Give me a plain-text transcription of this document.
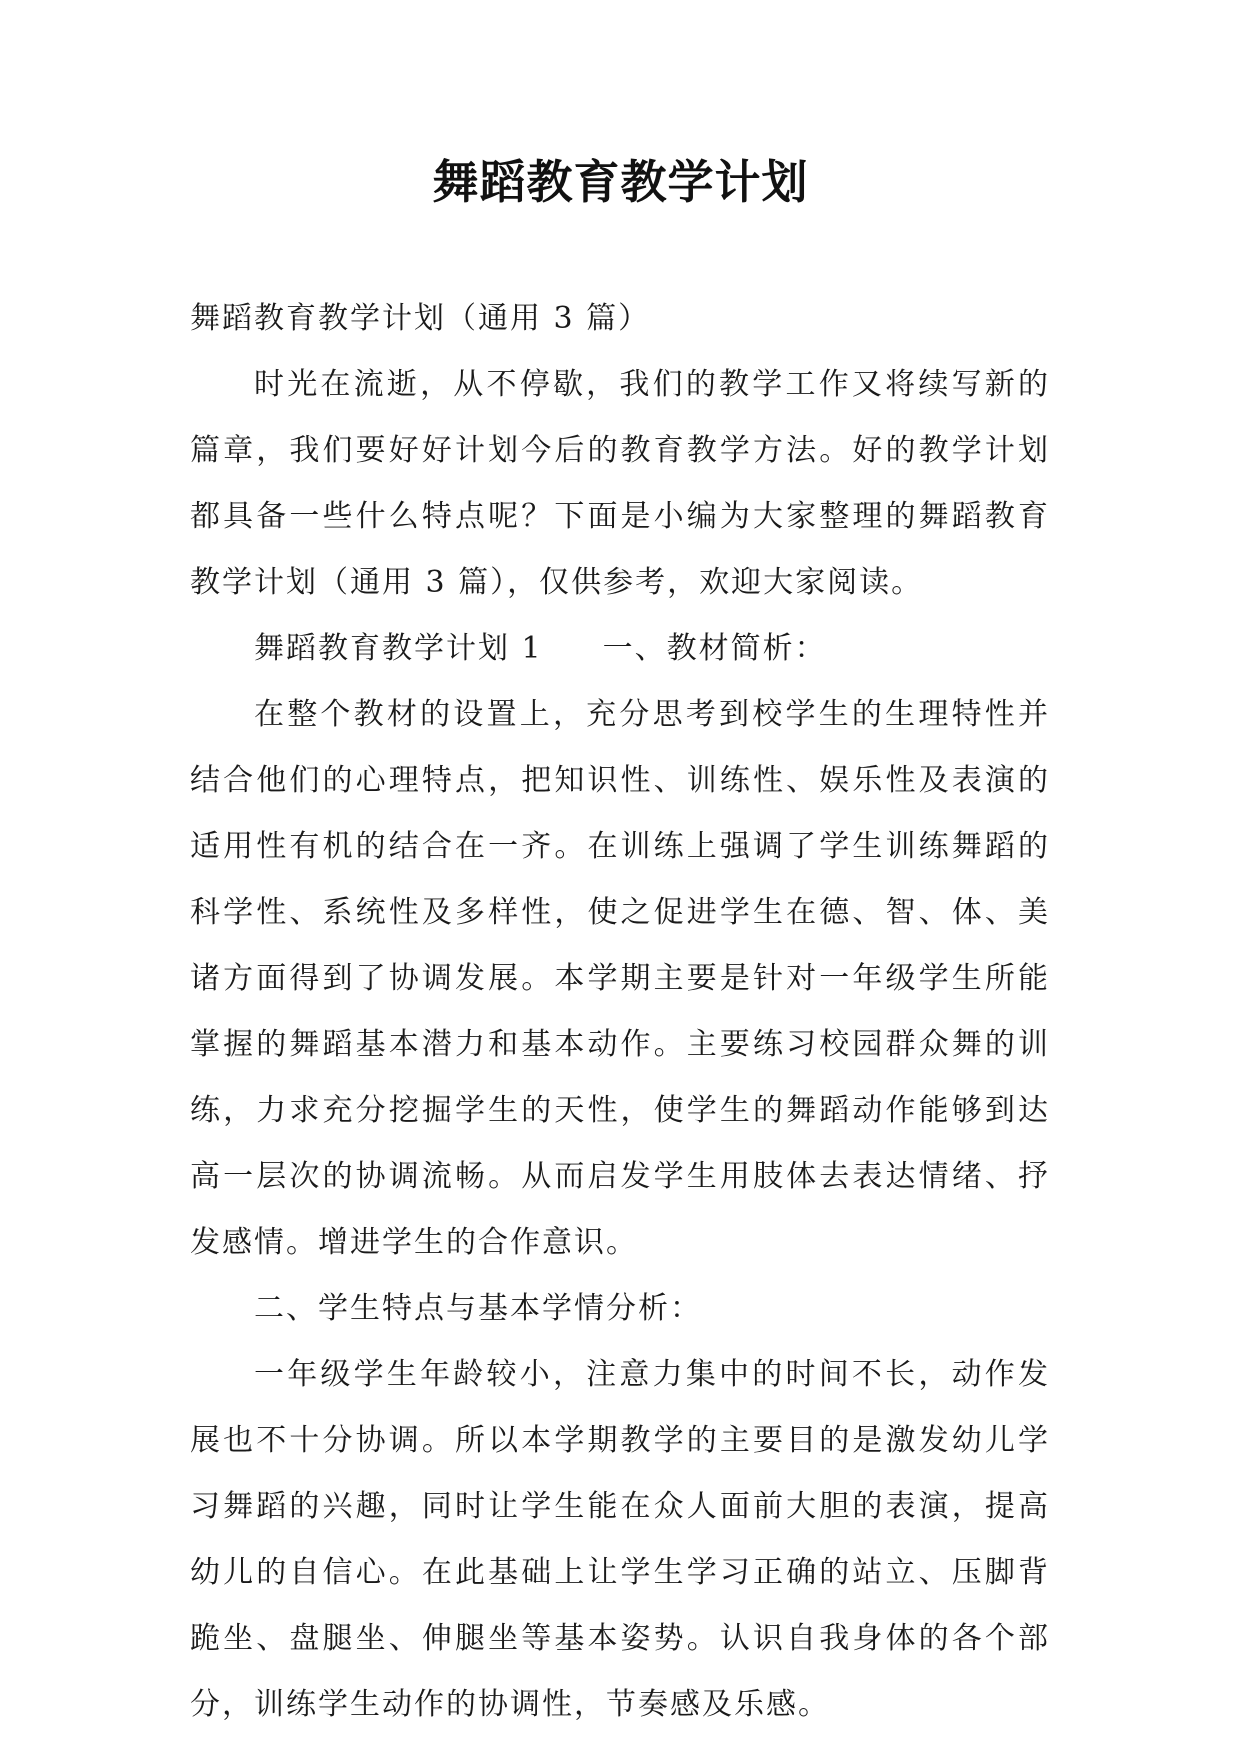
舞蹈教育教学计划

舞蹈教育教学计划（通用 3 篇）

时光在流逝，从不停歇，我们的教学工作又将续写新的篇章，我们要好好计划今后的教育教学方法。好的教学计划都具备一些什么特点呢？下面是小编为大家整理的舞蹈教育教学计划（通用 3 篇），仅供参考，欢迎大家阅读。

舞蹈教育教学计划 1 一、教材简析：

在整个教材的设置上，充分思考到校学生的生理特性并结合他们的心理特点，把知识性、训练性、娱乐性及表演的适用性有机的结合在一齐。在训练上强调了学生训练舞蹈的科学性、系统性及多样性，使之促进学生在德、智、体、美诸方面得到了协调发展。本学期主要是针对一年级学生所能掌握的舞蹈基本潜力和基本动作。主要练习校园群众舞的训练，力求充分挖掘学生的天性，使学生的舞蹈动作能够到达高一层次的协调流畅。从而启发学生用肢体去表达情绪、抒发感情。增进学生的合作意识。

二、学生特点与基本学情分析：

一年级学生年龄较小，注意力集中的时间不长，动作发展也不十分协调。所以本学期教学的主要目的是激发幼儿学习舞蹈的兴趣，同时让学生能在众人面前大胆的表演，提高幼儿的自信心。在此基础上让学生学习正确的站立、压脚背跪坐、盘腿坐、伸腿坐等基本姿势。认识自我身体的各个部分，训练学生动作的协调性，节奏感及乐感。
